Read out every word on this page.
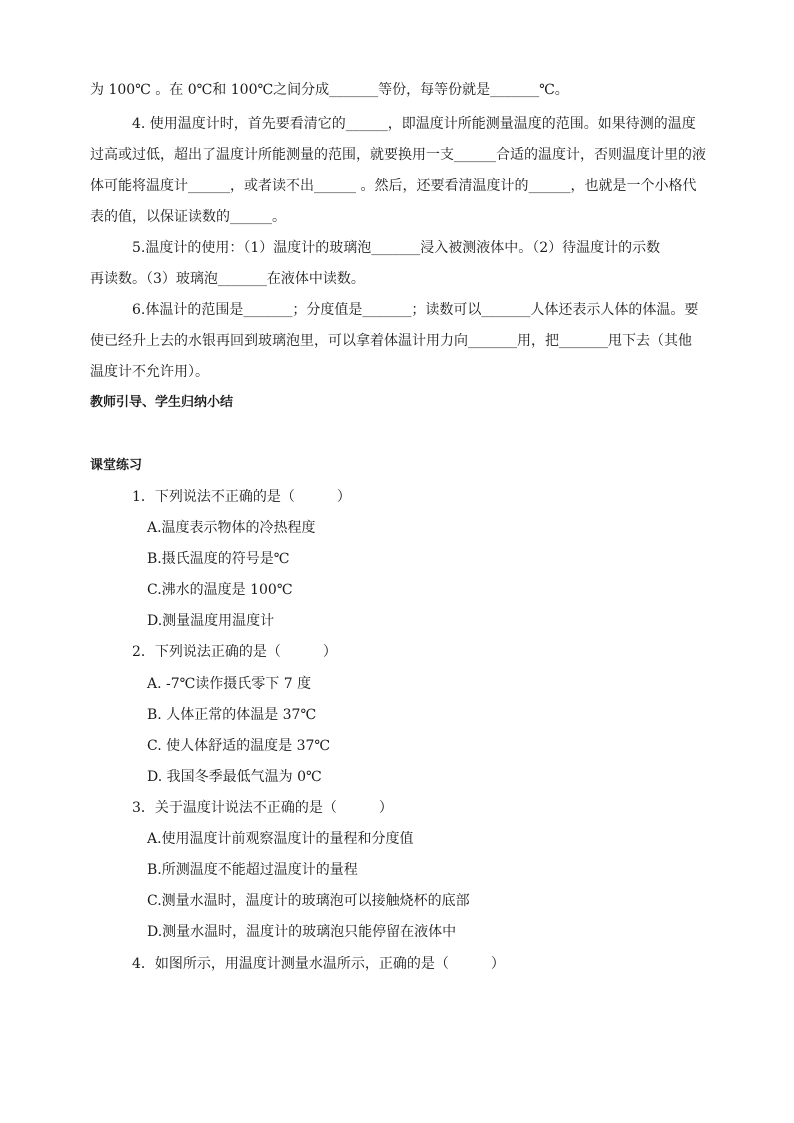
为 100℃ 。在 0℃和 100℃之间分成_______等份，每等份就是_______℃。
4. 使用温度计时，首先要看清它的______，即温度计所能测量温度的范围。如果待测的温度
过高或过低，超出了温度计所能测量的范围，就要换用一支______合适的温度计，否则温度计里的液
体可能将温度计______，或者读不出______ 。然后，还要看清温度计的______，也就是一个小格代
表的值，以保证读数的______。
5.温度计的使用：（1）温度计的玻璃泡_______浸入被测液体中。（2）待温度计的示数
再读数。（3）玻璃泡_______在液体中读数。
6.体温计的范围是_______；分度值是_______；读数可以_______人体还表示人体的体温。要
使已经升上去的水银再回到玻璃泡里，可以拿着体温计用力向_______用，把_______甩下去（其他
温度计不允许用）。
教师引导、学生归纳小结
课堂练习
1．下列说法不正确的是（　　　）
A.温度表示物体的冷热程度
B.摄氏温度的符号是℃
C.沸水的温度是 100℃
D.测量温度用温度计
2．下列说法正确的是（　　　）
A. -7℃读作摄氏零下 7 度
B. 人体正常的体温是 37℃
C. 使人体舒适的温度是 37℃
D. 我国冬季最低气温为 0℃
3．关于温度计说法不正确的是（　　　）
A.使用温度计前观察温度计的量程和分度值
B.所测温度不能超过温度计的量程
C.测量水温时，温度计的玻璃泡可以接触烧杯的底部
D.测量水温时，温度计的玻璃泡只能停留在液体中
4．如图所示，用温度计测量水温所示，正确的是（　　　）
